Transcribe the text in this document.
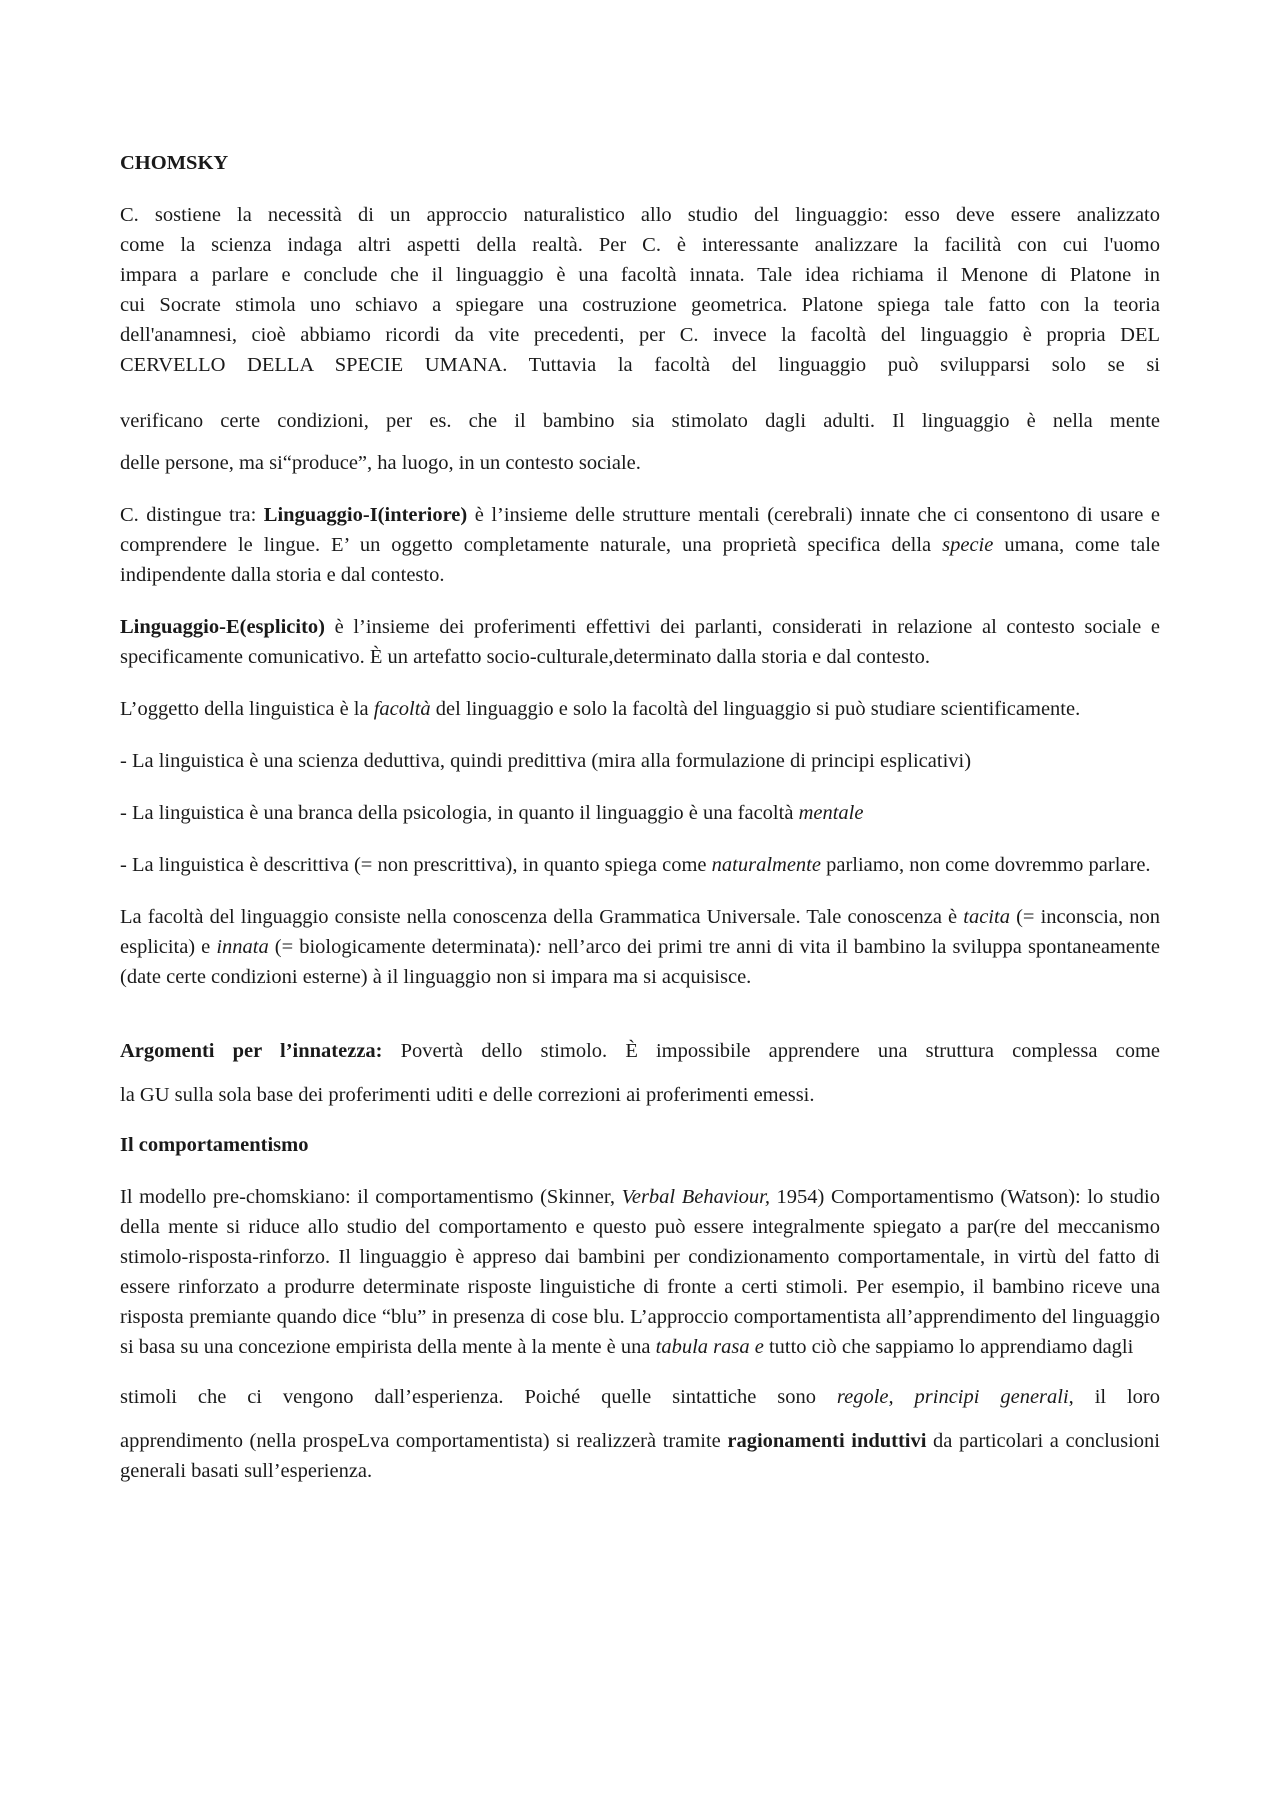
CHOMSKY

C. sostiene la necessità di un approccio naturalistico allo studio del linguaggio: esso deve essere analizzato

come la scienza indaga altri aspetti della realtà. Per C. è interessante analizzare la facilità con cui l'uomo

impara a parlare e conclude che il linguaggio è una facoltà innata. Tale idea richiama il Menone di Platone in

cui Socrate stimola uno schiavo a spiegare una costruzione geometrica. Platone spiega tale fatto con la teoria

dell'anamnesi, cioè abbiamo ricordi da vite precedenti, per C. invece la facoltà del linguaggio è propria DEL

CERVELLO DELLA SPECIE UMANA. Tuttavia la facoltà del linguaggio può svilupparsi solo se si

verificano certe condizioni, per es. che il bambino sia stimolato dagli adulti. Il linguaggio è nella mente

delle persone, ma si“produce”, ha luogo, in un contesto sociale.

C. distingue tra: Linguaggio-I(interiore) è l’insieme delle strutture mentali (cerebrali) innate che ci consentono di usare e comprendere le lingue. E’ un oggetto completamente naturale, una proprietà specifica della specie umana, come tale indipendente dalla storia e dal contesto.

Linguaggio-E(esplicito) è l’insieme dei proferimenti effettivi dei parlanti, considerati in relazione al contesto sociale e specificamente comunicativo. È un artefatto socio-culturale,determinato dalla storia e dal contesto.

L’oggetto della linguistica è la facoltà del linguaggio e solo la facoltà del linguaggio si può studiare scientificamente.

- La linguistica è una scienza deduttiva, quindi predittiva (mira alla formulazione di principi esplicativi)

- La linguistica è una branca della psicologia, in quanto il linguaggio è una facoltà mentale

- La linguistica è descrittiva (= non prescrittiva), in quanto spiega come naturalmente parliamo, non come dovremmo parlare.

La facoltà del linguaggio consiste nella conoscenza della Grammatica Universale. Tale conoscenza è tacita (= inconscia, non esplicita) e innata (= biologicamente determinata): nell’arco dei primi tre anni di vita il bambino la sviluppa spontaneamente (date certe condizioni esterne) à il linguaggio non si impara ma si acquisisce.

Argomenti per l’innatezza: Povertà dello stimolo. È impossibile apprendere una struttura complessa come

la GU sulla sola base dei proferimenti uditi e delle correzioni ai proferimenti emessi.

Il comportamentismo

Il modello pre-chomskiano: il comportamentismo (Skinner, Verbal Behaviour, 1954) Comportamentismo (Watson): lo studio della mente si riduce allo studio del comportamento e questo può essere integralmente spiegato a par(re del meccanismo stimolo-risposta-rinforzo. Il linguaggio è appreso dai bambini per condizionamento comportamentale, in virtù del fatto di essere rinforzato a produrre determinate risposte linguistiche di fronte a certi stimoli. Per esempio, il bambino riceve una risposta premiante quando dice “blu” in presenza di cose blu. L’approccio comportamentista all’apprendimento del linguaggio si basa su una concezione empirista della mente à la mente è una tabula rasa e tutto ciò che sappiamo lo apprendiamo dagli

stimoli che ci vengono dall’esperienza. Poiché quelle sintattiche sono regole, principi generali, il loro

apprendimento (nella prospeLva comportamentista) si realizzerà tramite ragionamenti induttivi da particolari a conclusioni generali basati sull’esperienza.
